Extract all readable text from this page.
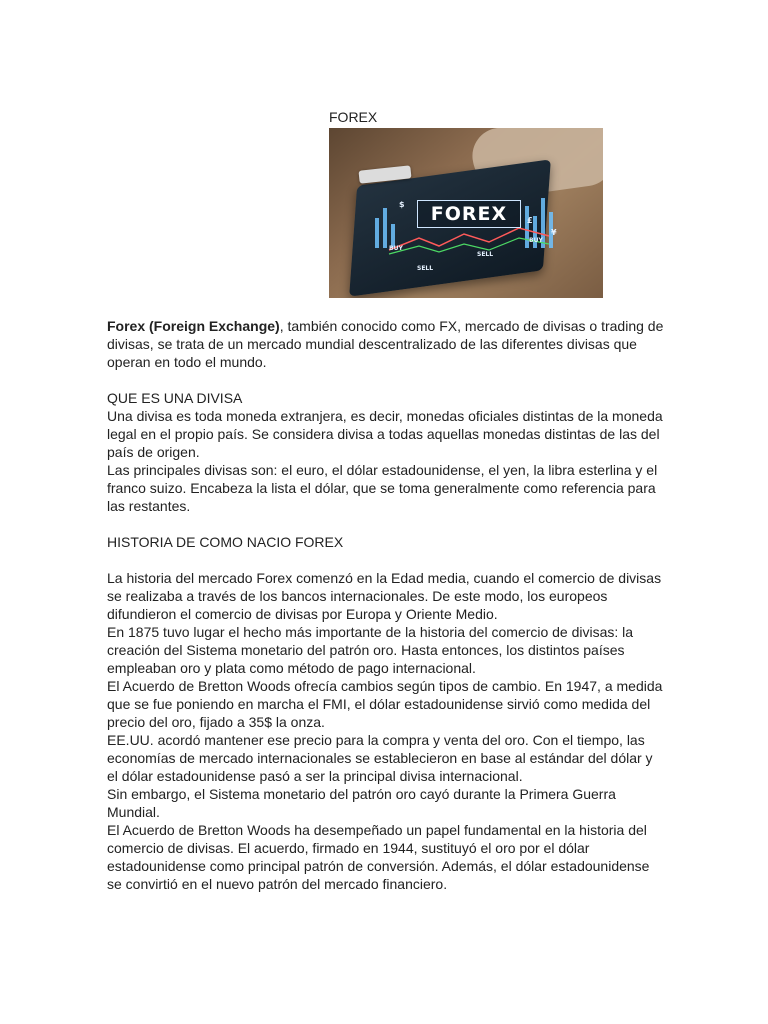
FOREX
FOREX
BUY
SELL
BUY
SELL
$
£
¥

Forex (Foreign Exchange), también conocido como FX, mercado de divisas o trading de divisas, se trata de un mercado mundial descentralizado de las diferentes divisas que operan en todo el mundo.

QUE ES UNA DIVISA

Una divisa es toda moneda extranjera, es decir, monedas oficiales distintas de la moneda legal en el propio país. Se considera divisa a todas aquellas monedas distintas de las del país de origen.

Las principales divisas son: el euro, el dólar estadounidense, el yen, la libra esterlina y el franco suizo. Encabeza la lista el dólar, que se toma generalmente como referencia para las restantes.

HISTORIA DE COMO NACIO FOREX

La historia del mercado Forex comenzó en la Edad media, cuando el comercio de divisas se realizaba a través de los bancos internacionales. De este modo, los europeos difundieron el comercio de divisas por Europa y Oriente Medio.

En 1875 tuvo lugar el hecho más importante de la historia del comercio de divisas: la creación del Sistema monetario del patrón oro. Hasta entonces, los distintos países empleaban oro y plata como método de pago internacional.

El Acuerdo de Bretton Woods ofrecía cambios según tipos de cambio. En 1947, a medida que se fue poniendo en marcha el FMI, el dólar estadounidense sirvió como medida del precio del oro, fijado a 35$ la onza.

EE.UU. acordó mantener ese precio para la compra y venta del oro. Con el tiempo, las economías de mercado internacionales se establecieron en base al estándar del dólar y el dólar estadounidense pasó a ser la principal divisa internacional.

Sin embargo, el Sistema monetario del patrón oro cayó durante la Primera Guerra Mundial.

El Acuerdo de Bretton Woods ha desempeñado un papel fundamental en la historia del comercio de divisas. El acuerdo, firmado en 1944, sustituyó el oro por el dólar estadounidense como principal patrón de conversión. Además, el dólar estadounidense se convirtió en el nuevo patrón del mercado financiero.
